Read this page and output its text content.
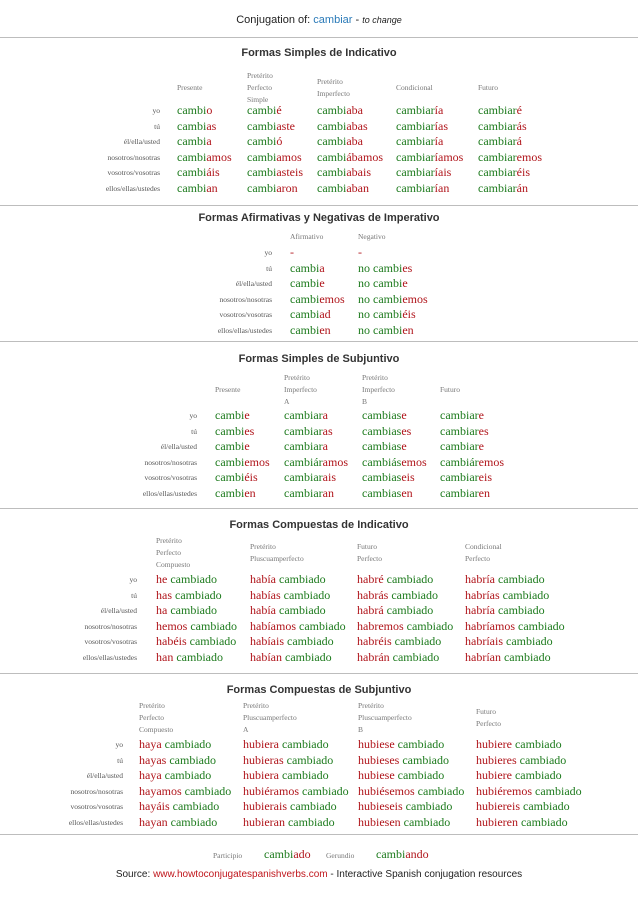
Conjugation of: cambiar - to change
Formas Simples de Indicativo
yo
tú
él/ella/usted
nosotros/nosotras
vosotros/vosotras
ellos/ellas/ustedes
Presente
cambio
cambias
cambia
cambiamos
cambiáis
cambian
Pretérito
Perfecto
Simple
cambié
cambiaste
cambió
cambiamos
cambiasteis
cambiaron
Pretérito
Imperfecto
cambiaba
cambiabas
cambiaba
cambiábamos
cambiabais
cambiaban
Condicional
cambiaría
cambiarías
cambiaría
cambiaríamos
cambiaríais
cambiarían
Futuro
cambiaré
cambiarás
cambiará
cambiaremos
cambiaréis
cambiarán
Formas Afirmativas y Negativas de Imperativo
yo
tú
él/ella/usted
nosotros/nosotras
vosotros/vosotras
ellos/ellas/ustedes
Afirmativo
-
cambia
cambie
cambiemos
cambiad
cambien
Negativo
-
no cambies
no cambie
no cambiemos
no cambiéis
no cambien
Formas Simples de Subjuntivo
yo
tú
él/ella/usted
nosotros/nosotras
vosotros/vosotras
ellos/ellas/ustedes
Presente
cambie
cambies
cambie
cambiemos
cambiéis
cambien
Pretérito
Imperfecto
A
cambiara
cambiaras
cambiara
cambiáramos
cambiarais
cambiaran
Pretérito
Imperfecto
B
cambiase
cambiases
cambiase
cambiásemos
cambiaseis
cambiasen
Futuro
cambiare
cambiares
cambiare
cambiáremos
cambiareis
cambiaren
Formas Compuestas de Indicativo
yo
tú
él/ella/usted
nosotros/nosotras
vosotros/vosotras
ellos/ellas/ustedes
Pretérito
Perfecto
Compuesto
he cambiado
has cambiado
ha cambiado
hemos cambiado
habéis cambiado
han cambiado
Pretérito
Pluscuamperfecto
había cambiado
habías cambiado
había cambiado
habíamos cambiado
habíais cambiado
habían cambiado
Futuro
Perfecto
habré cambiado
habrás cambiado
habrá cambiado
habremos cambiado
habréis cambiado
habrán cambiado
Condicional
Perfecto
habría cambiado
habrías cambiado
habría cambiado
habríamos cambiado
habríais cambiado
habrían cambiado
Formas Compuestas de Subjuntivo
yo
tú
él/ella/usted
nosotros/nosotras
vosotros/vosotras
ellos/ellas/ustedes
Pretérito
Perfecto
Compuesto
haya cambiado
hayas cambiado
haya cambiado
hayamos cambiado
hayáis cambiado
hayan cambiado
Pretérito
Pluscuamperfecto
A
hubiera cambiado
hubieras cambiado
hubiera cambiado
hubiéramos cambiado
hubierais cambiado
hubieran cambiado
Pretérito
Pluscuamperfecto
B
hubiese cambiado
hubieses cambiado
hubiese cambiado
hubiésemos cambiado
hubieseis cambiado
hubiesen cambiado
Futuro
Perfecto
hubiere cambiado
hubieres cambiado
hubiere cambiado
hubiéremos cambiado
hubiereis cambiado
hubieren cambiado
Participio cambiado Gerundio cambiando
Source: www.howtoconjugatespanishverbs.com - Interactive Spanish conjugation resources
